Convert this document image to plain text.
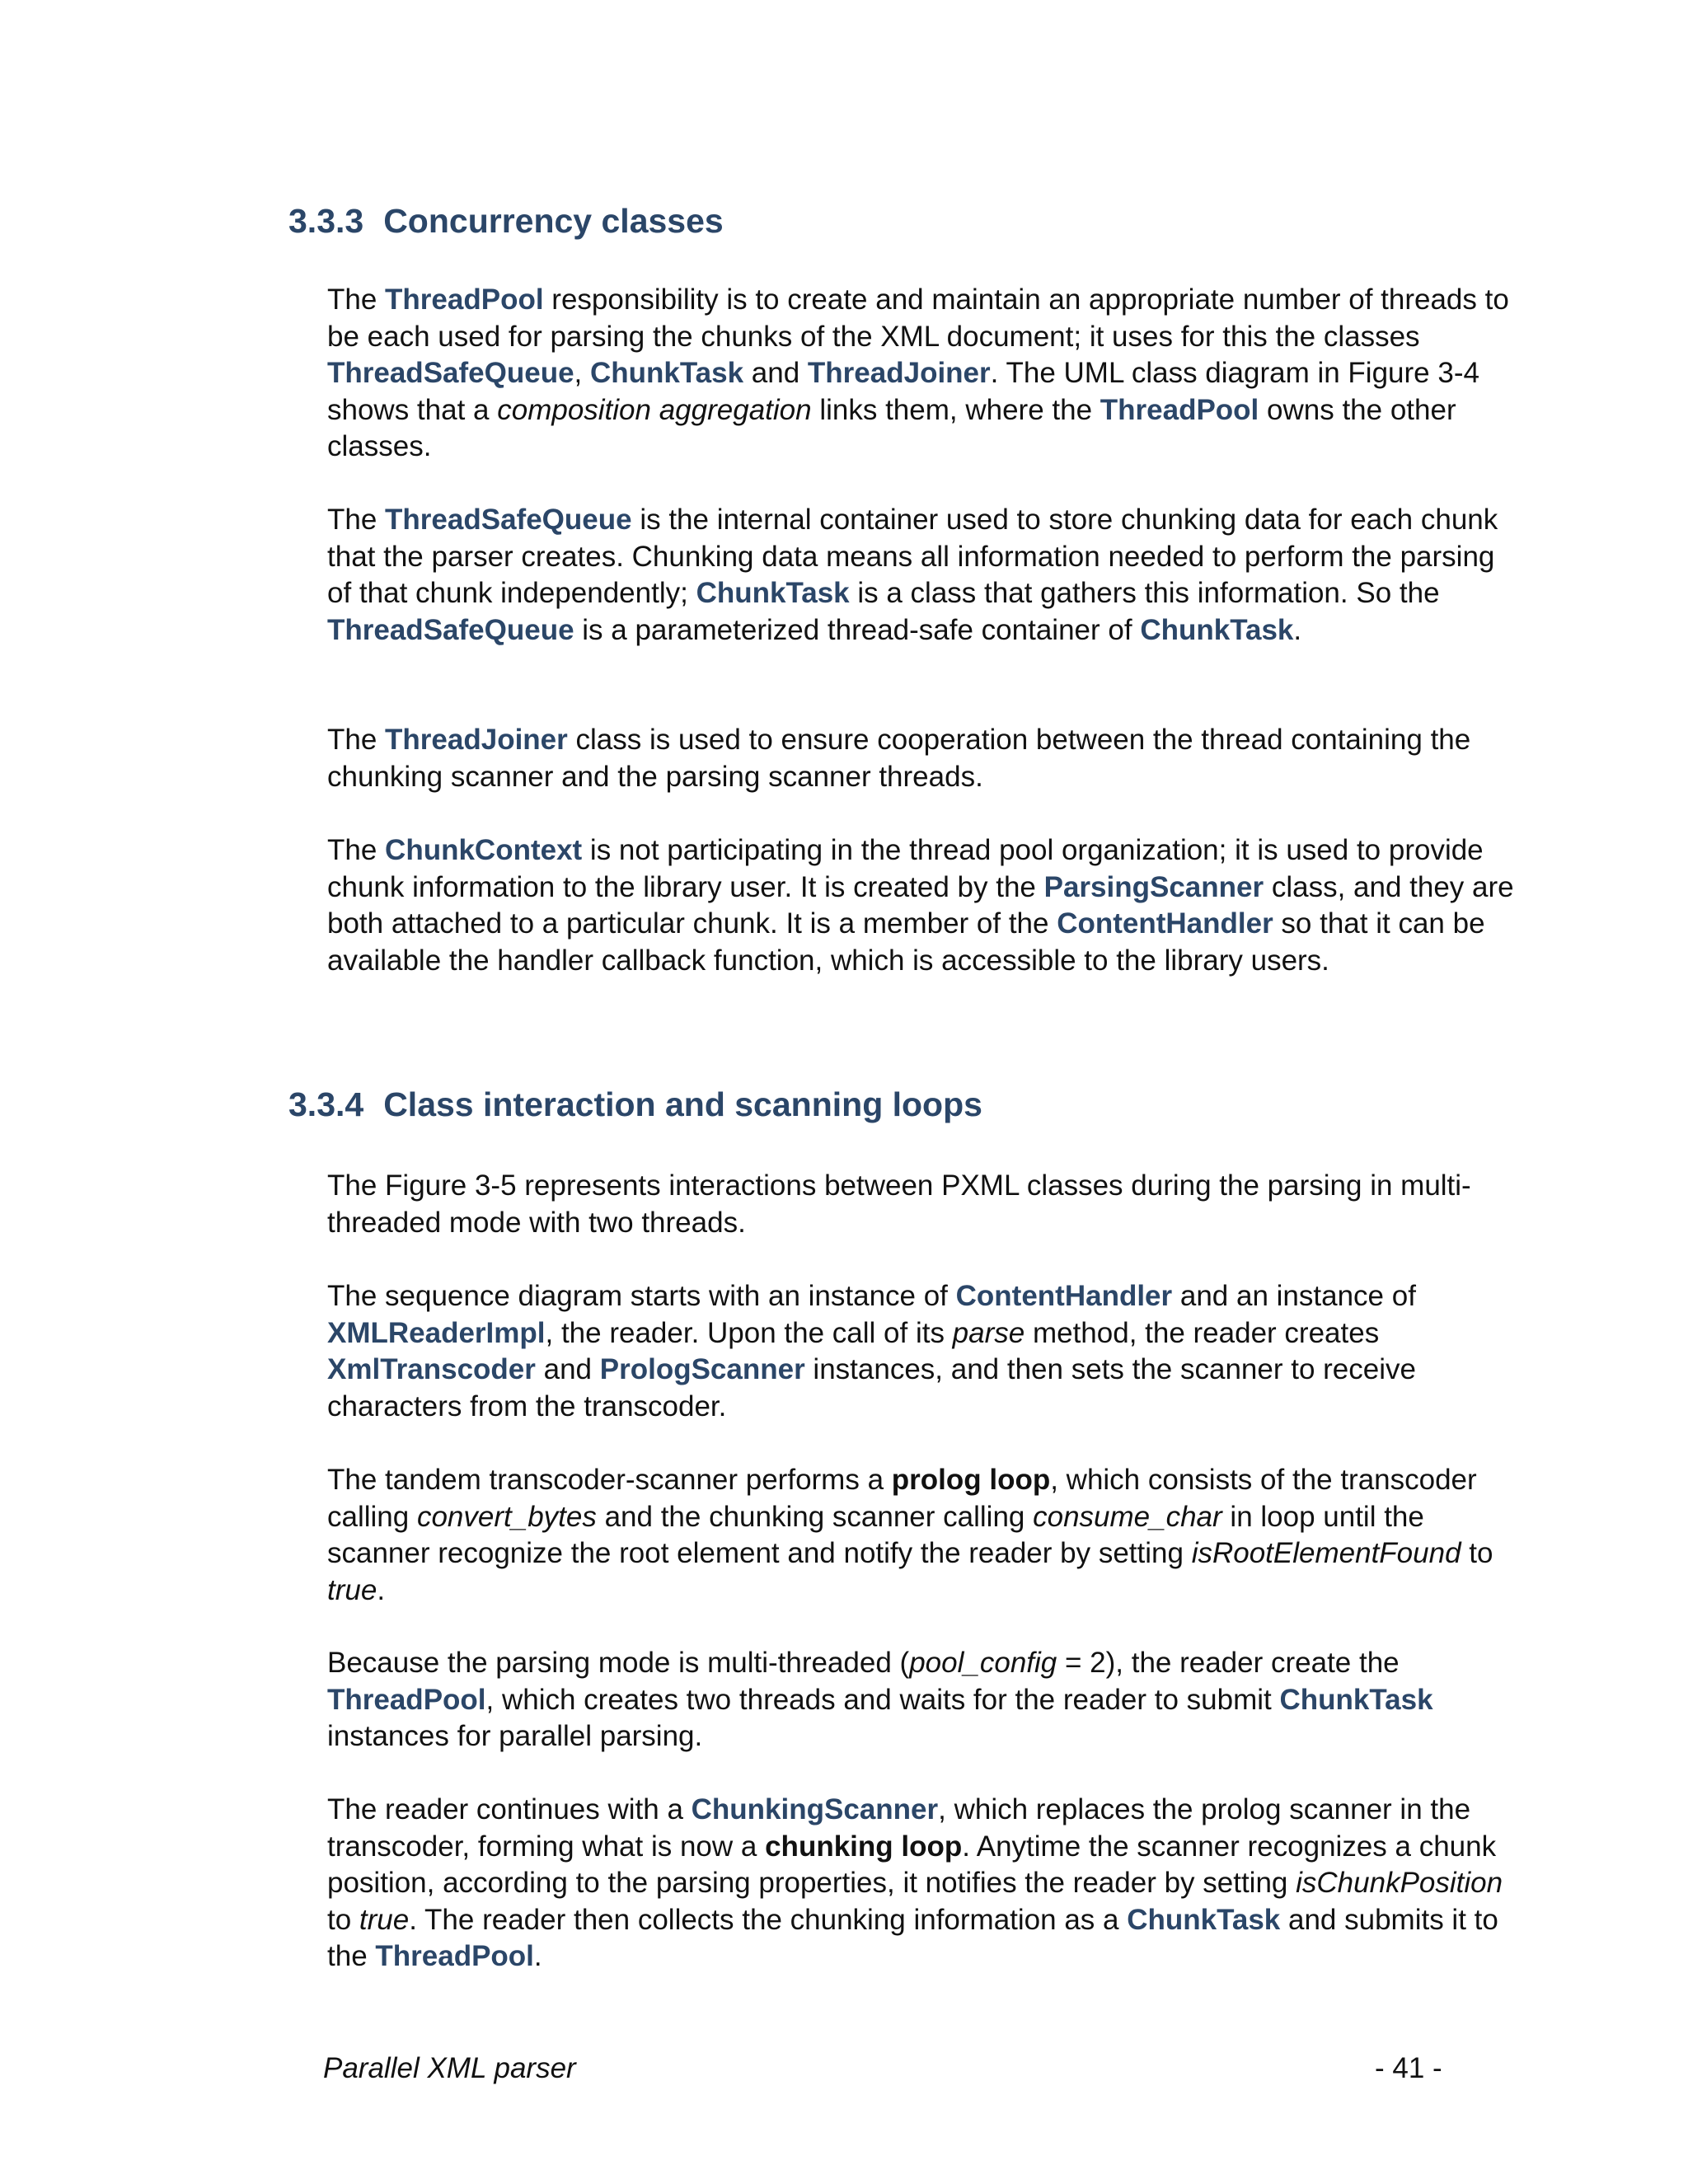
3.3.3 Concurrency classes

The ThreadPool responsibility is to create and maintain an appropriate number of threads to be each used for parsing the chunks of the XML document; it uses for this the classes ThreadSafeQueue, ChunkTask and ThreadJoiner. The UML class diagram in Figure 3-4 shows that a composition aggregation links them, where the ThreadPool owns the other classes.

The ThreadSafeQueue is the internal container used to store chunking data for each chunk that the parser creates. Chunking data means all information needed to perform the parsing of that chunk independently; ChunkTask is a class that gathers this information. So the ThreadSafeQueue is a parameterized thread-safe container of ChunkTask.

The ThreadJoiner class is used to ensure cooperation between the thread containing the chunking scanner and the parsing scanner threads.

The ChunkContext is not participating in the thread pool organization; it is used to provide chunk information to the library user. It is created by the ParsingScanner class, and they are both attached to a particular chunk. It is a member of the ContentHandler so that it can be available the handler callback function, which is accessible to the library users.

3.3.4 Class interaction and scanning loops

The Figure 3-5 represents interactions between PXML classes during the parsing in multi-threaded mode with two threads.

The sequence diagram starts with an instance of ContentHandler and an instance of XMLReaderImpl, the reader. Upon the call of its parse method, the reader creates XmlTranscoder and PrologScanner instances, and then sets the scanner to receive characters from the transcoder.

The tandem transcoder-scanner performs a prolog loop, which consists of the transcoder calling convert_bytes and the chunking scanner calling consume_char in loop until the scanner recognize the root element and notify the reader by setting isRootElementFound to true.

Because the parsing mode is multi-threaded (pool_config = 2), the reader create the ThreadPool, which creates two threads and waits for the reader to submit ChunkTask instances for parallel parsing.

The reader continues with a ChunkingScanner, which replaces the prolog scanner in the transcoder, forming what is now a chunking loop. Anytime the scanner recognizes a chunk position, according to the parsing properties, it notifies the reader by setting isChunkPosition to true. The reader then collects the chunking information as a ChunkTask and submits it to the ThreadPool.

Parallel XML parser	- 41 -
